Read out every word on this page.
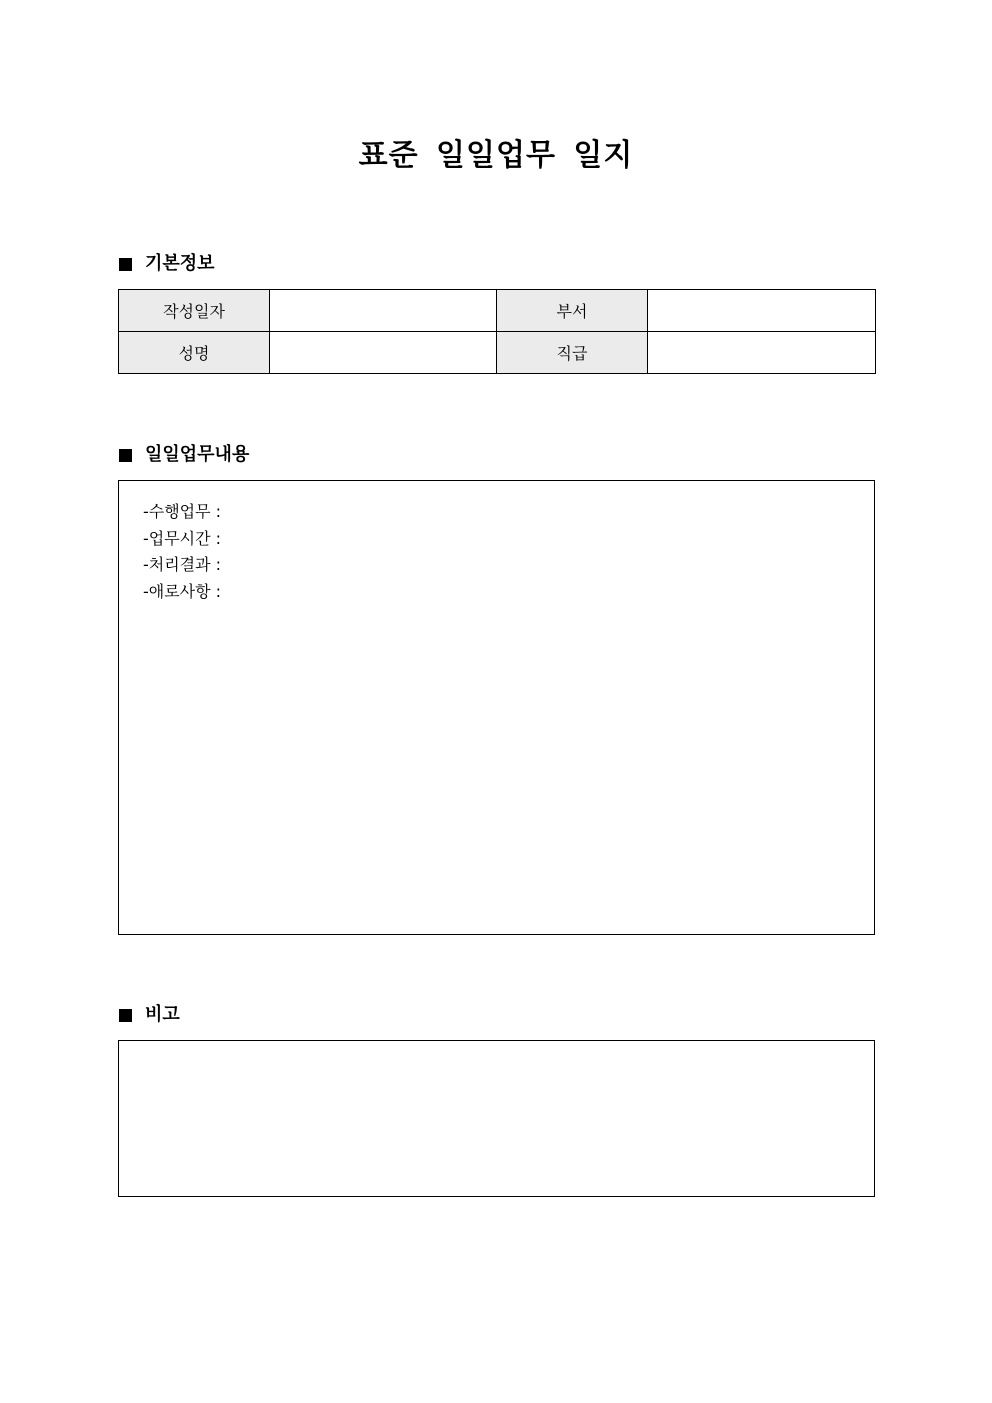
표준 일일업무 일지
기본정보
작성일자		부서	
성명		직급	
일일업무내용
-수행업무 :
-업무시간 :
-처리결과 :
-애로사항 :
비고
